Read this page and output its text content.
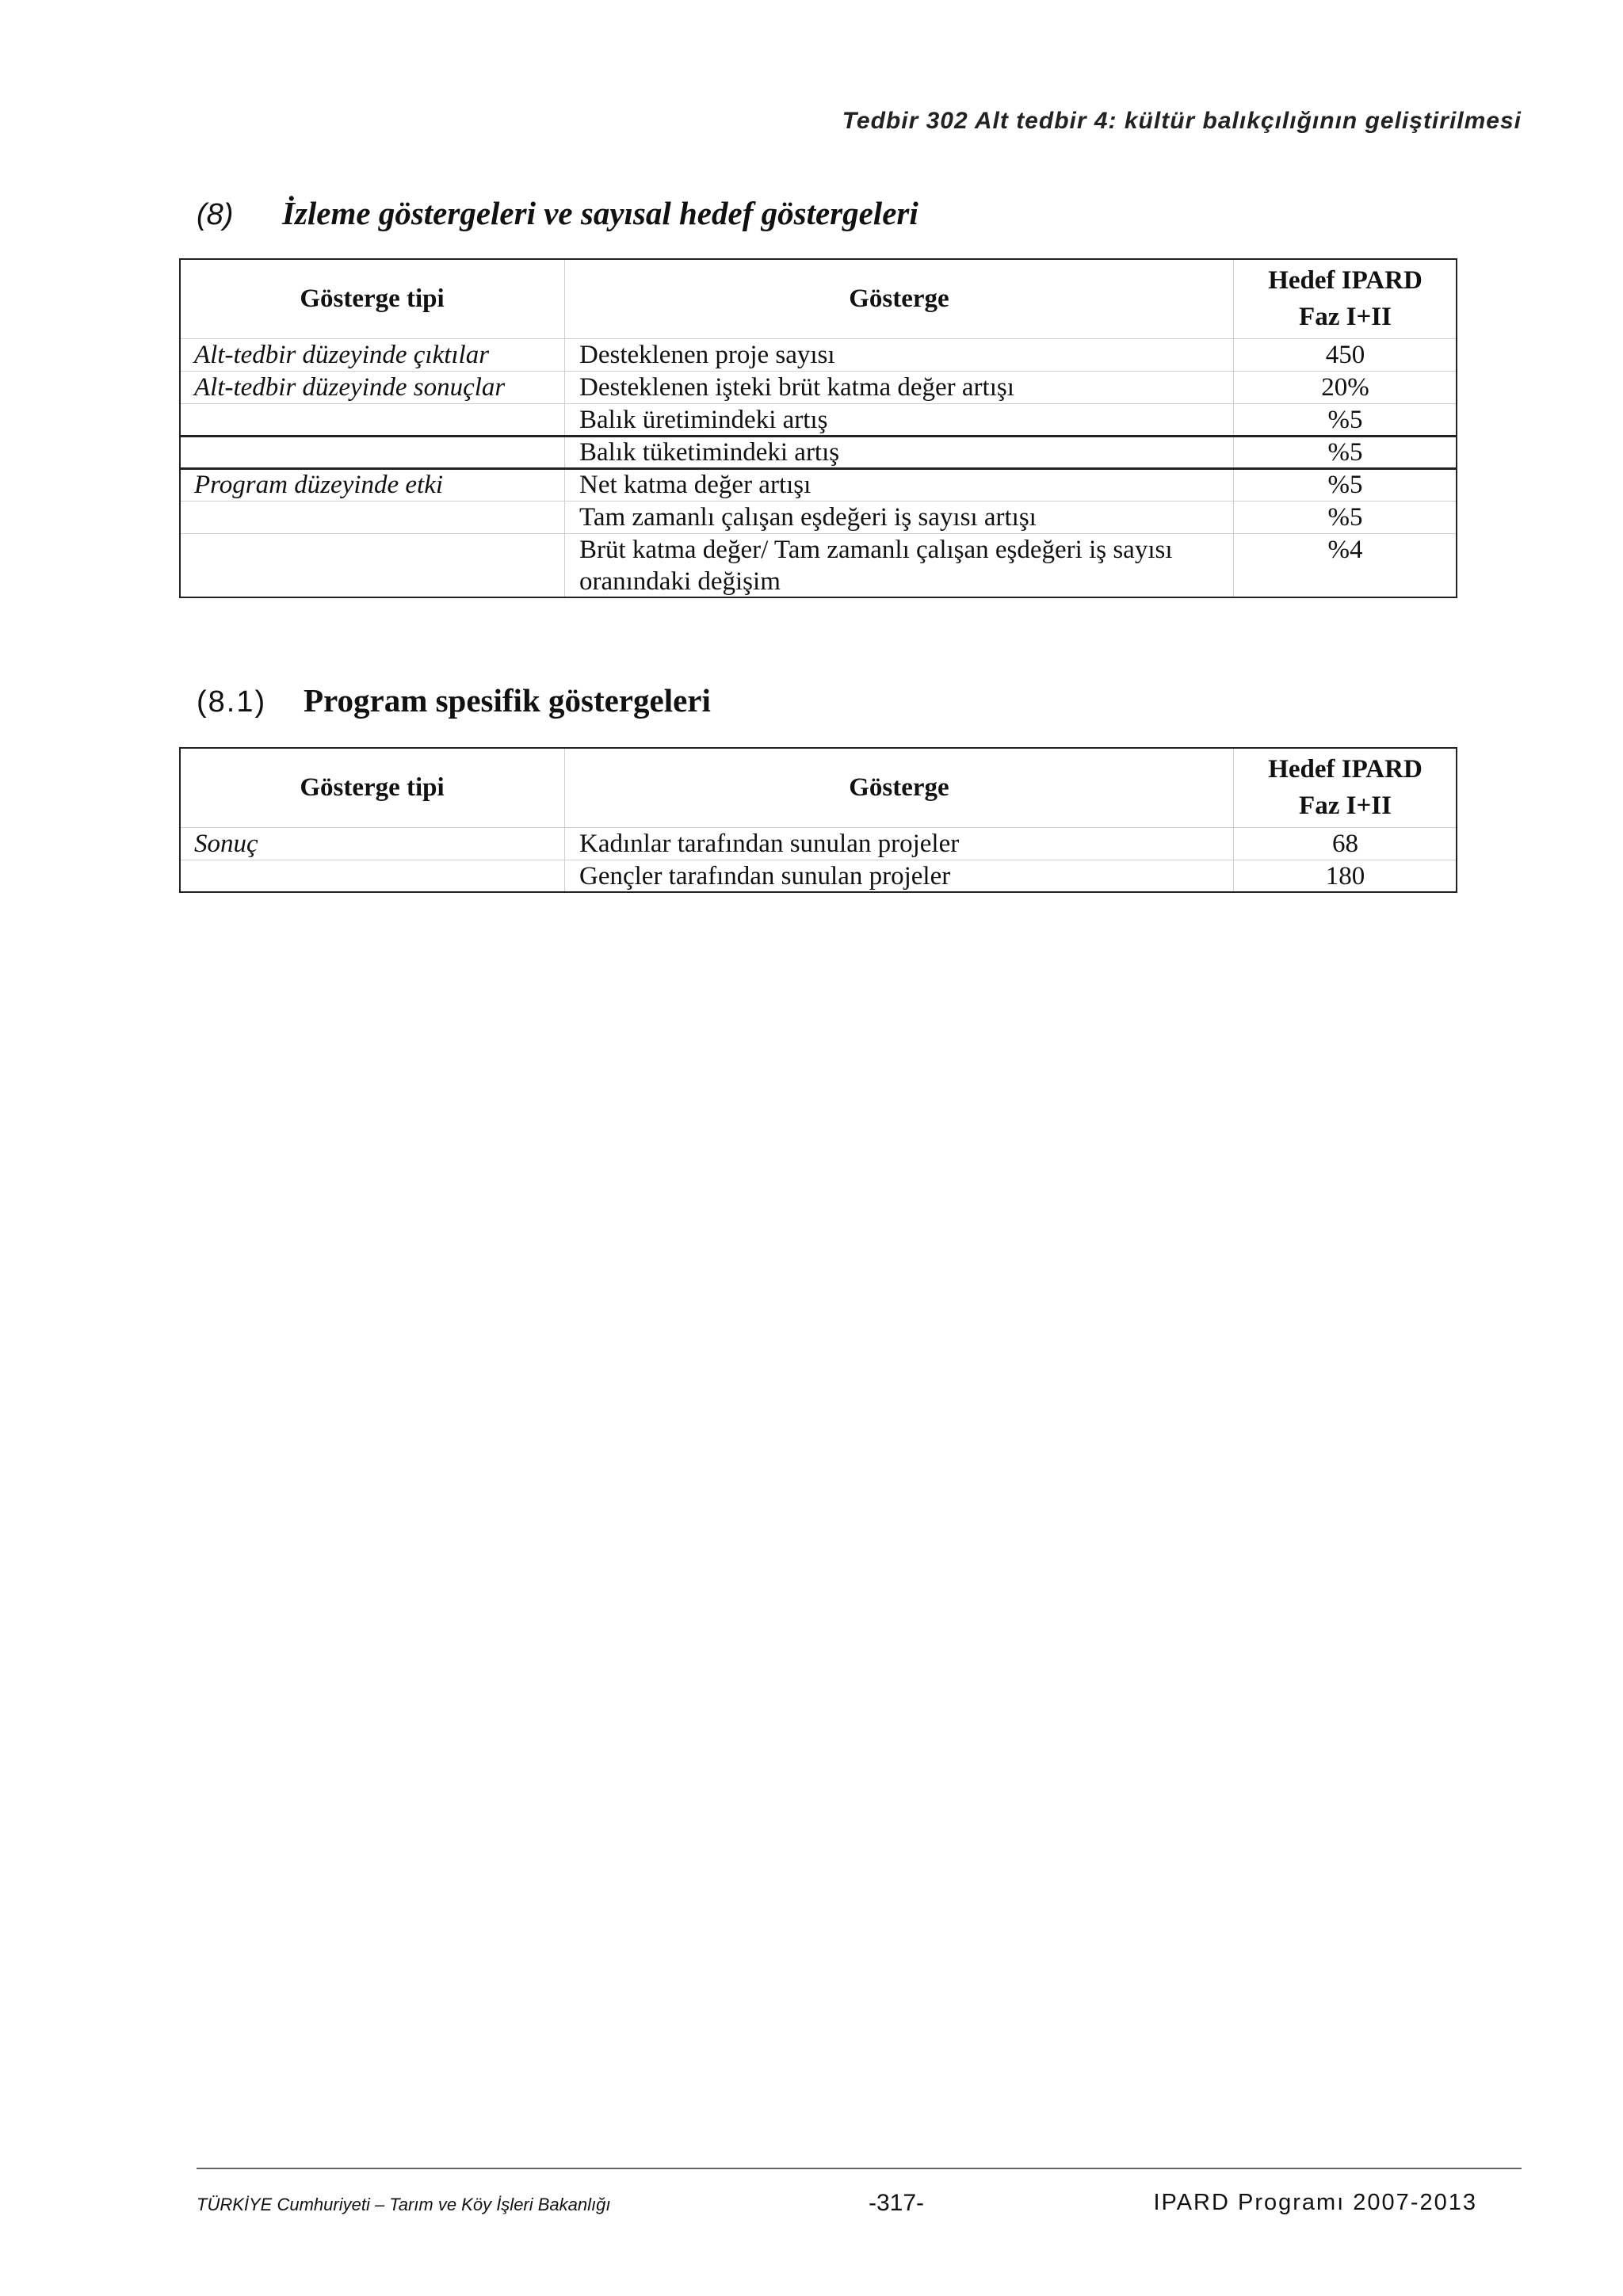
Tedbir 302 Alt tedbir 4: kültür balıkçılığının geliştirilmesi
(8)	İzleme göstergeleri ve sayısal hedef göstergeleri
Gösterge tipi	Gösterge	Hedef IPARD
Faz I+II

Alt-tedbir düzeyinde çıktılar	Desteklenen proje sayısı	450
Alt-tedbir düzeyinde sonuçlar	Desteklenen işteki brüt katma değer artışı	20%
	Balık üretimindeki artış	%5
	Balık tüketimindeki artış	%5
Program düzeyinde etki	Net katma değer artışı	%5
	Tam zamanlı çalışan eşdeğeri iş sayısı artışı	%5
	Brüt katma değer/ Tam zamanlı çalışan eşdeğeri iş sayısı oranındaki değişim	%4
(8.1)	Program spesifik göstergeleri
Gösterge tipi	Gösterge	Hedef IPARD
Faz I+II

Sonuç	Kadınlar tarafından sunulan projeler	68
	Gençler tarafından sunulan projeler	180
TÜRKİYE Cumhuriyeti – Tarım ve Köy İşleri Bakanlığı	-317-	IPARD Programı 2007-2013
